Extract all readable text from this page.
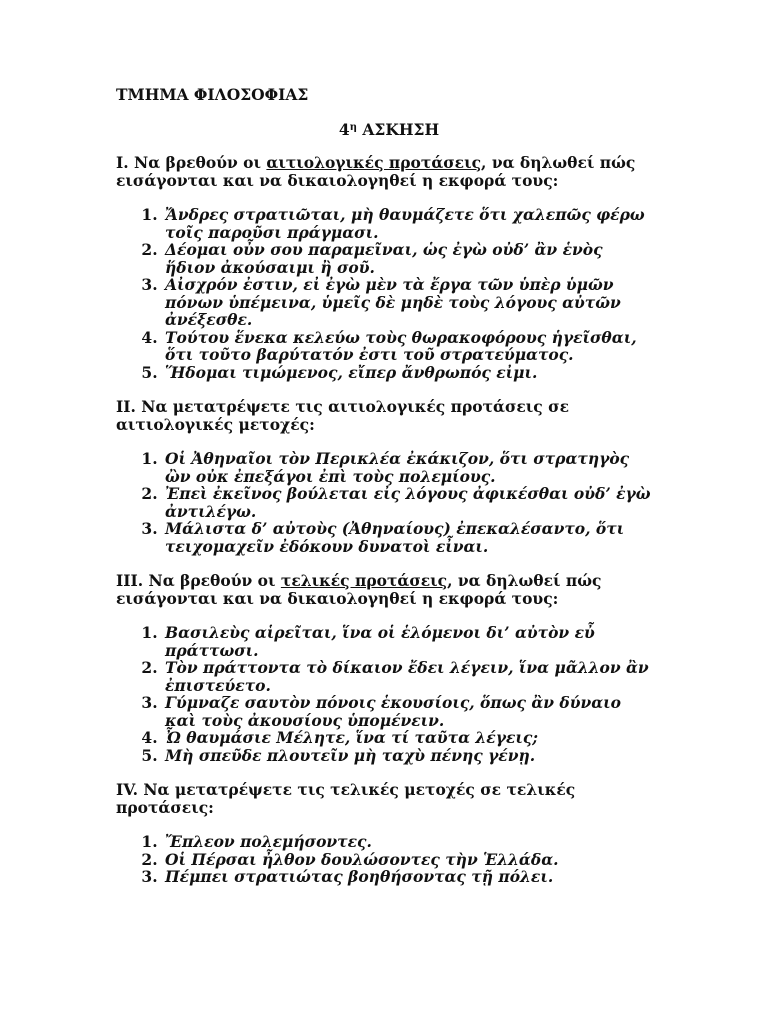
ΤΜΗΜΑ ΦΙΛΟΣΟΦΙΑΣ
$4^\eta$ ΑΣΚΗΣΗ
I. Να βρεθούν οι αιτιολογικές προτάσεις, να δηλωθεί πώς εισάγονται και να δικαιολογηθεί η εκφορά τους:
1. Ἄνδρες στρατιῶται, μὴ θαυμάζετε ὅτι χαλεπῶς φέρω τοῖς παροῦσι πράγμασι.
2. Δέομαι οὖν σου παραμεῖναι, ὡς ἐγὼ οὐδ’ ἂν ἑνὸς ἥδιον ἀκούσαιμι ἢ σοῦ.
3. Αἰσχρόν ἐστιν, εἰ ἐγὼ μὲν τὰ ἔργα τῶν ὑπὲρ ὑμῶν πόνων ὑπέμεινα, ὑμεῖς δὲ μηδὲ τοὺς λόγους αὐτῶν ἀνέξεσθε.
4. Τούτου ἕνεκα κελεύω τοὺς θωρακοφόρους ἡγεῖσθαι, ὅτι τοῦτο βαρύτατόν ἐστι τοῦ στρατεύματος.
5. Ἥδομαι τιμώμενος, εἴπερ ἄνθρωπός εἰμι.
II. Να μετατρέψετε τις αιτιολογικές προτάσεις σε αιτιολογικές μετοχές:
1. Οἱ Ἀθηναῖοι τὸν Περικλέα ἐκάκιζον, ὅτι στρατηγὸς ὢν οὐκ ἐπεξάγοι ἐπὶ τοὺς πολεμίους.
2. Ἐπεὶ ἐκεῖνος βούλεται εἰς λόγους ἀφικέσθαι οὐδ’ ἐγὼ ἀντιλέγω.
3. Μάλιστα δ’ αὐτοὺς (Ἀθηναίους) ἐπεκαλέσαντο, ὅτι τειχομαχεῖν ἐδόκουν δυνατοὶ εἶναι.
III. Να βρεθούν οι τελικές προτάσεις, να δηλωθεί πώς εισάγονται και να δικαιολογηθεί η εκφορά τους:
1. Βασιλεὺς αἱρεῖται, ἵνα οἱ ἑλόμενοι δι’ αὐτὸν εὖ πράττωσι.
2. Τὸν πράττοντα τὸ δίκαιον ἔδει λέγειν, ἵνα μᾶλλον ἂν ἐπιστεύετο.
3. Γύμναζε σαυτὸν πόνοις ἑκουσίοις, ὅπως ἂν δύναιο καὶ τοὺς ἀκουσίους ὑπομένειν.
4. Ὦ θαυμάσιε Μέλητε, ἵνα τί ταῦτα λέγεις;
5. Μὴ σπεῦδε πλουτεῖν μὴ ταχὺ πένης γένῃ.
IV. Να μετατρέψετε τις τελικές μετοχές σε τελικές προτάσεις:
1. Ἔπλεον πολεμήσοντες.
2. Οἱ Πέρσαι ἦλθον δουλώσοντες τὴν Ἑλλάδα.
3. Πέμπει στρατιώτας βοηθήσοντας τῇ πόλει.
